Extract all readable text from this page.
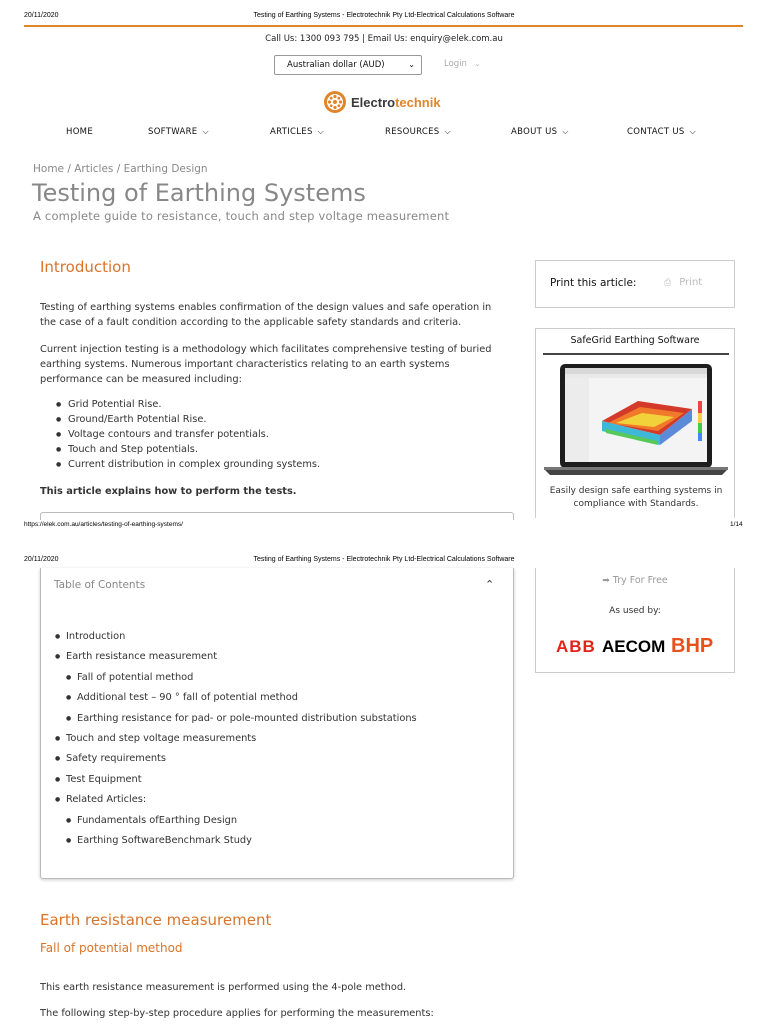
20/11/2020	Testing of Earthing Systems - Electrotechnik Pty Ltd-Electrical Calculations Software
Call Us: 1300 093 795 | Email Us: enquiry@elek.com.au
Australian dollar (AUD)	⌄	Login ⌄
Electrotechnik
HOME	SOFTWARE ⌵	ARTICLES ⌵	RESOURCES ⌵	ABOUT US ⌵	CONTACT US ⌵
Home / Articles / Earthing Design
Testing of Earthing Systems
A complete guide to resistance, touch and step voltage measurement
Introduction
Testing of earthing systems enables confirmation of the design values and safe operation in the case of a fault condition according to the applicable safety standards and criteria.
Current injection testing is a methodology which facilitates comprehensive testing of buried earthing systems. Numerous important characteristics relating to an earth systems performance can be measured including:
● Grid Potential Rise.
● Ground/Earth Potential Rise.
● Voltage contours and transfer potentials.
● Touch and Step potentials.
● Current distribution in complex grounding systems.
This article explains how to perform the tests.
Print this article:	⎙ Print
SafeGrid Earthing Software
Easily design safe earthing systems in compliance with Standards.
https://elek.com.au/articles/testing-of-earthing-systems/	1/14
20/11/2020	Testing of Earthing Systems - Electrotechnik Pty Ltd-Electrical Calculations Software
Table of Contents	⌃
● Introduction
● Earth resistance measurement
● Fall of potential method
● Additional test – 90 ° fall of potential method
● Earthing resistance for pad- or pole-mounted distribution substations
● Touch and step voltage measurements
● Safety requirements
● Test Equipment
● Related Articles:
● Fundamentals ofEarthing Design
● Earthing SoftwareBenchmark Study
➡ Try For Free
As used by:
ABB AECOM BHP
Earth resistance measurement
Fall of potential method
This earth resistance measurement is performed using the 4-pole method.
The following step-by-step procedure applies for performing the measurements:
